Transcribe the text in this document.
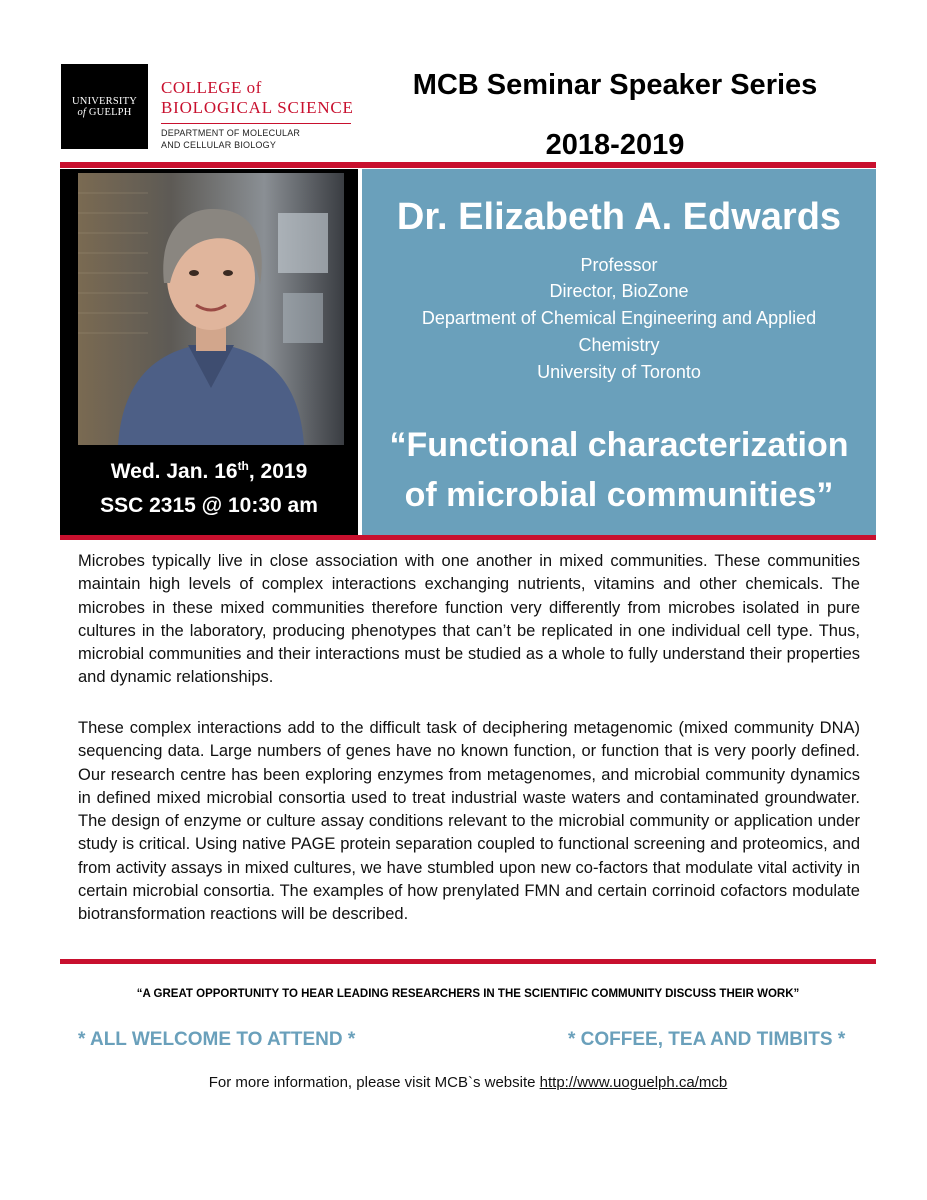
UNIVERSITY
of GUELPH
COLLEGE of
BIOLOGICAL SCIENCE
DEPARTMENT OF MOLECULAR
AND CELLULAR BIOLOGY
MCB Seminar Speaker Series
2018-2019
Wed. Jan. 16th, 2019
SSC 2315 @ 10:30 am
Dr. Elizabeth A. Edwards
Professor
Director, BioZone
Department of Chemical Engineering and Applied
Chemistry
University of Toronto
“Functional characterization
of microbial communities”
Microbes typically live in close association with one another in mixed communities. These communities maintain high levels of complex interactions exchanging nutrients, vitamins and other chemicals. The microbes in these mixed communities therefore function very differently from microbes isolated in pure cultures in the laboratory, producing phenotypes that can’t be replicated in one individual cell type. Thus, microbial communities and their interactions must be studied as a whole to fully understand their properties and dynamic relationships.
These complex interactions add to the difficult task of deciphering metagenomic (mixed community DNA) sequencing data. Large numbers of genes have no known function, or function that is very poorly defined. Our research centre has been exploring enzymes from metagenomes, and microbial community dynamics in defined mixed microbial consortia used to treat industrial waste waters and contaminated groundwater. The design of enzyme or culture assay conditions relevant to the microbial community or application under study is critical. Using native PAGE protein separation coupled to functional screening and proteomics, and from activity assays in mixed cultures, we have stumbled upon new co-factors that modulate vital activity in certain microbial consortia. The examples of how prenylated FMN and certain corrinoid cofactors modulate biotransformation reactions will be described.
“A GREAT OPPORTUNITY TO HEAR LEADING RESEARCHERS IN THE SCIENTIFIC COMMUNITY DISCUSS THEIR WORK”
* ALL WELCOME TO ATTEND *	* COFFEE, TEA AND TIMBITS *
For more information, please visit MCB`s website http://www.uoguelph.ca/mcb
